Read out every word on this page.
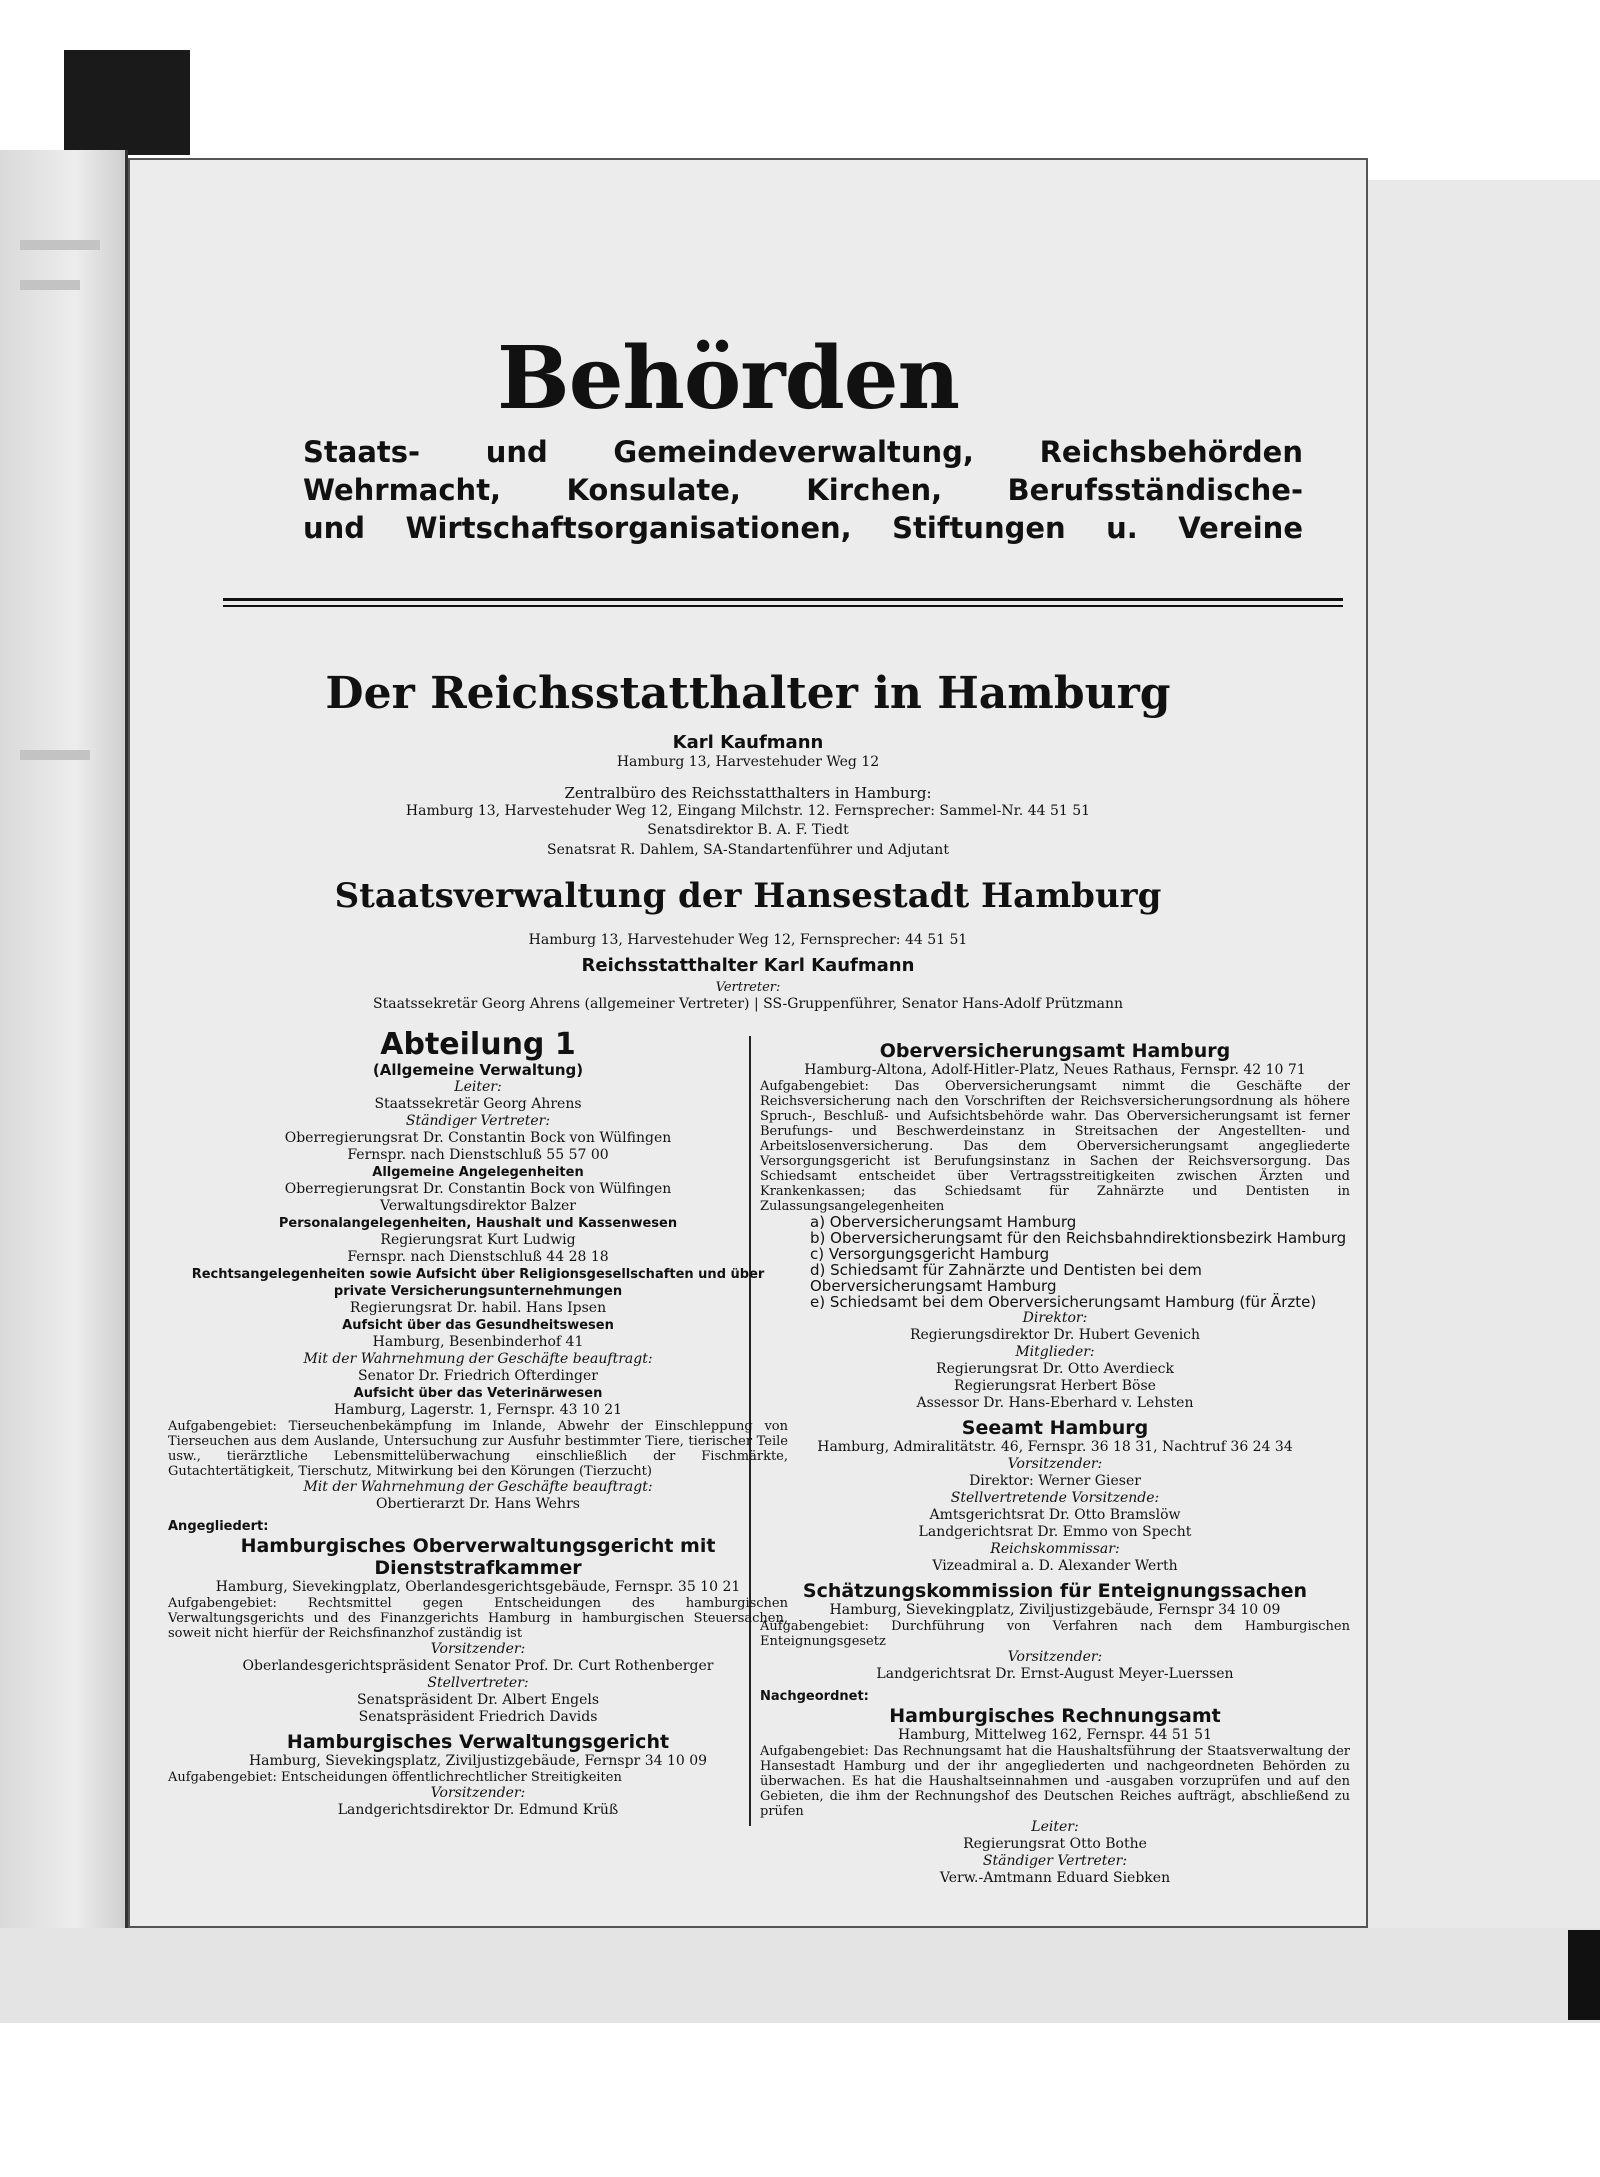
Behörden
Staats- und Gemeindeverwaltung, Reichsbehörden
Wehrmacht, Konsulate, Kirchen, Berufsständische-
und Wirtschaftsorganisationen, Stiftungen u. Vereine
Der Reichsstatthalter in Hamburg
Karl Kaufmann
Hamburg 13, Harvestehuder Weg 12
Zentralbüro des Reichsstatthalters in Hamburg:
Hamburg 13, Harvestehuder Weg 12, Eingang Milchstr. 12. Fernsprecher: Sammel-Nr. 44 51 51
Senatsdirektor B. A. F. Tiedt
Senatsrat R. Dahlem, SA-Standartenführer und Adjutant
Staatsverwaltung der Hansestadt Hamburg
Hamburg 13, Harvestehuder Weg 12, Fernsprecher: 44 51 51
Reichsstatthalter Karl Kaufmann
Vertreter:
Staatssekretär Georg Ahrens (allgemeiner Vertreter) | SS-Gruppenführer, Senator Hans-Adolf Prützmann

Abteilung 1

(Allgemeine Verwaltung)

Leiter:

Staatssekretär Georg Ahrens

Ständiger Vertreter:

Oberregierungsrat Dr. Constantin Bock von Wülfingen

Fernspr. nach Dienstschluß 55 57 00

Allgemeine Angelegenheiten

Oberregierungsrat Dr. Constantin Bock von Wülfingen

Verwaltungsdirektor Balzer

Personalangelegenheiten, Haushalt und Kassenwesen

Regierungsrat Kurt Ludwig

Fernspr. nach Dienstschluß 44 28 18

Rechtsangelegenheiten sowie Aufsicht über Religionsgesellschaften und über private Versicherungsunternehmungen

Regierungsrat Dr. habil. Hans Ipsen

Aufsicht über das Gesundheitswesen

Hamburg, Besenbinderhof 41

Mit der Wahrnehmung der Geschäfte beauftragt:

Senator Dr. Friedrich Ofterdinger

Aufsicht über das Veterinärwesen

Hamburg, Lagerstr. 1, Fernspr. 43 10 21

Aufgabengebiet: Tierseuchenbekämpfung im Inlande, Abwehr der Einschleppung von Tierseuchen aus dem Auslande, Untersuchung zur Ausfuhr bestimmter Tiere, tierischer Teile usw., tierärztliche Lebensmittelüberwachung einschließlich der Fischmärkte, Gutachtertätigkeit, Tierschutz, Mitwirkung bei den Körungen (Tierzucht)

Mit der Wahrnehmung der Geschäfte beauftragt:

Obertierarzt Dr. Hans Wehrs

Angegliedert:

Hamburgisches Oberverwaltungsgericht mit Dienststrafkammer

Hamburg, Sievekingplatz, Oberlandesgerichtsgebäude, Fernspr. 35 10 21

Aufgabengebiet: Rechtsmittel gegen Entscheidungen des hamburgischen Verwaltungsgerichts und des Finanzgerichts Hamburg in hamburgischen Steuersachen, soweit nicht hierfür der Reichsfinanzhof zuständig ist

Vorsitzender:

Oberlandesgerichtspräsident Senator Prof. Dr. Curt Rothenberger

Stellvertreter:

Senatspräsident Dr. Albert Engels

Senatspräsident Friedrich Davids

Hamburgisches Verwaltungsgericht

Hamburg, Sievekingsplatz, Ziviljustizgebäude, Fernspr 34 10 09

Aufgabengebiet: Entscheidungen öffentlichrechtlicher Streitigkeiten

Vorsitzender:

Landgerichtsdirektor Dr. Edmund Krüß

Oberversicherungsamt Hamburg

Hamburg-Altona, Adolf-Hitler-Platz, Neues Rathaus, Fernspr. 42 10 71

Aufgabengebiet: Das Oberversicherungsamt nimmt die Geschäfte der Reichsversicherung nach den Vorschriften der Reichsversicherungsordnung als höhere Spruch-, Beschluß- und Aufsichtsbehörde wahr. Das Oberversicherungsamt ist ferner Berufungs- und Beschwerdeinstanz in Streitsachen der Angestellten- und Arbeitslosenversicherung. Das dem Oberversicherungsamt angegliederte Versorgungsgericht ist Berufungsinstanz in Sachen der Reichsversorgung. Das Schiedsamt entscheidet über Vertragsstreitigkeiten zwischen Ärzten und Krankenkassen; das Schiedsamt für Zahnärzte und Dentisten in Zulassungsangelegenheiten

a) Oberversicherungsamt Hamburg

b) Oberversicherungsamt für den Reichsbahndirektionsbezirk Hamburg

c) Versorgungsgericht Hamburg

d) Schiedsamt für Zahnärzte und Dentisten bei dem Oberversicherungsamt Hamburg

e) Schiedsamt bei dem Oberversicherungsamt Hamburg (für Ärzte)

Direktor:

Regierungsdirektor Dr. Hubert Gevenich

Mitglieder:

Regierungsrat Dr. Otto Averdieck

Regierungsrat Herbert Böse

Assessor Dr. Hans-Eberhard v. Lehsten

Seeamt Hamburg

Hamburg, Admiralitätstr. 46, Fernspr. 36 18 31, Nachtruf 36 24 34

Vorsitzender:

Direktor: Werner Gieser

Stellvertretende Vorsitzende:

Amtsgerichtsrat Dr. Otto Bramslöw

Landgerichtsrat Dr. Emmo von Specht

Reichskommissar:

Vizeadmiral a. D. Alexander Werth

Schätzungskommission für Enteignungssachen

Hamburg, Sievekingplatz, Ziviljustizgebäude, Fernspr 34 10 09

Aufgabengebiet: Durchführung von Verfahren nach dem Hamburgischen Enteignungsgesetz

Vorsitzender:

Landgerichtsrat Dr. Ernst-August Meyer-Luerssen

Nachgeordnet:

Hamburgisches Rechnungsamt

Hamburg, Mittelweg 162, Fernspr. 44 51 51

Aufgabengebiet: Das Rechnungsamt hat die Haushaltsführung der Staatsverwaltung der Hansestadt Hamburg und der ihr angegliederten und nachgeordneten Behörden zu überwachen. Es hat die Haushaltseinnahmen und -ausgaben vorzuprüfen und auf den Gebieten, die ihm der Rechnungshof des Deutschen Reiches aufträgt, abschließend zu prüfen

Leiter:

Regierungsrat Otto Bothe

Ständiger Vertreter:

Verw.-Amtmann Eduard Siebken
